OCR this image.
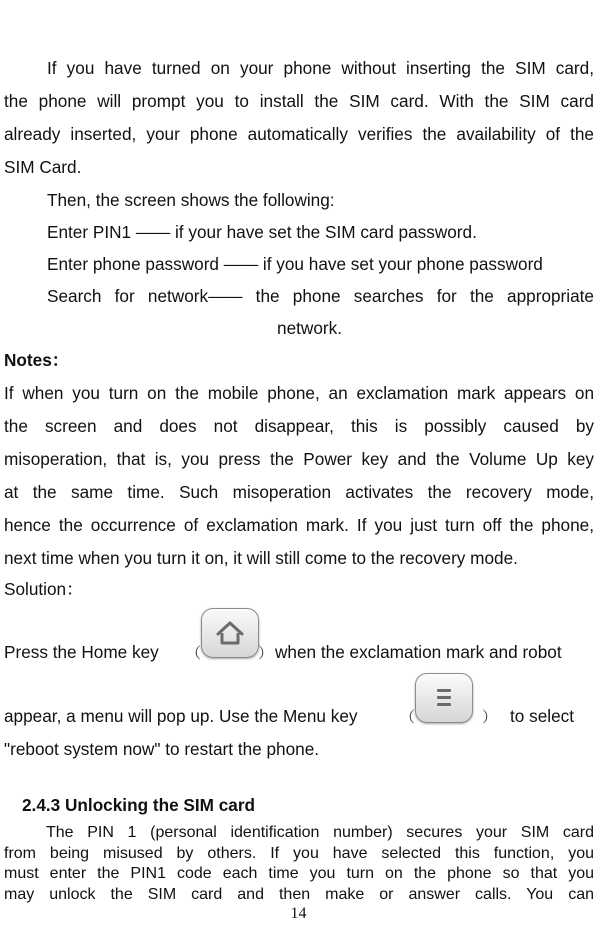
If you have turned on your phone without inserting the SIM card,
the phone will prompt you to install the SIM card. With the SIM card
already inserted, your phone automatically verifies the availability of the
SIM Card.
Then, the screen shows the following:
Enter PIN1 —— if your have set the SIM card password.
Enter phone password —— if you have set your phone password
Search for network—— the phone searches for the appropriate
network.
Notes：
If when you turn on the mobile phone, an exclamation mark appears on
the screen and does not disappear, this is possibly caused by
misoperation, that is, you press the Power key and the Volume Up key
at the same time. Such misoperation activates the recovery mode,
hence the occurrence of exclamation mark. If you just turn off the phone,
next time when you turn it on, it will still come to the recovery mode.
Solution：
Press the Home key （	） when the exclamation mark and robot
appear, a menu will pop up. Use the Menu key	（	） to select
"reboot system now" to restart the phone.
2.4.3 Unlocking the SIM card
The PIN 1 (personal identification number) secures your SIM card
from being misused by others. If you have selected this function, you
must enter the PIN1 code each time you turn on the phone so that you
may unlock the SIM card and then make or answer calls. You can
14
